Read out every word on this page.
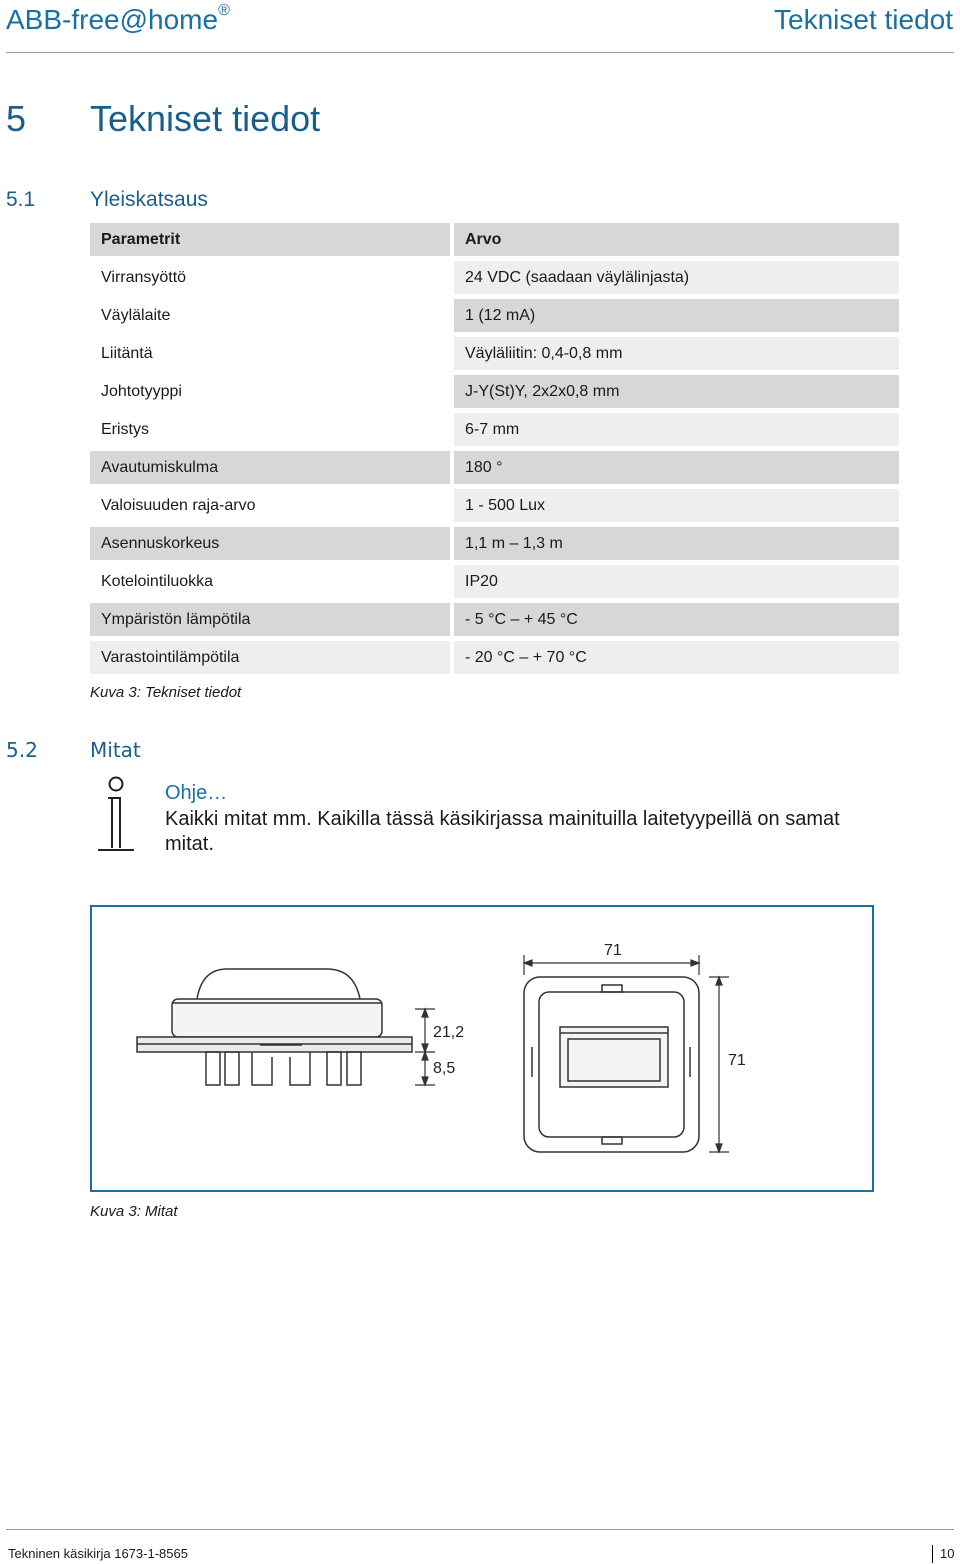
ABB-free@home®	Tekniset tiedot
5 Tekniset tiedot
5.1	Yleiskatsaus
Parametrit	Arvo
Virransyöttö	24 VDC (saadaan väylälinjasta)
Väylälaite	1 (12 mA)
Liitäntä	Väyläliitin: 0,4-0,8 mm
Johtotyyppi	J-Y(St)Y, 2x2x0,8 mm
Eristys	6-7 mm
Avautumiskulma	180 °
Valoisuuden raja-arvo	1 - 500 Lux
Asennuskorkeus	1,1 m – 1,3 m
Kotelointiluokka	IP20
Ympäristön lämpötila	- 5 °C – + 45 °C
Varastointilämpötila	- 20 °C – + 70 °C
Kuva 3: Tekniset tiedot
5.2	Mitat
Ohje…
Kaikki mitat mm. Kaikilla tässä käsikirjassa mainituilla laitetyypeillä on samat mitat.
71
71
21,2
8,5
Kuva 3: Mitat
Tekninen käsikirja 1673-1-8565	10
